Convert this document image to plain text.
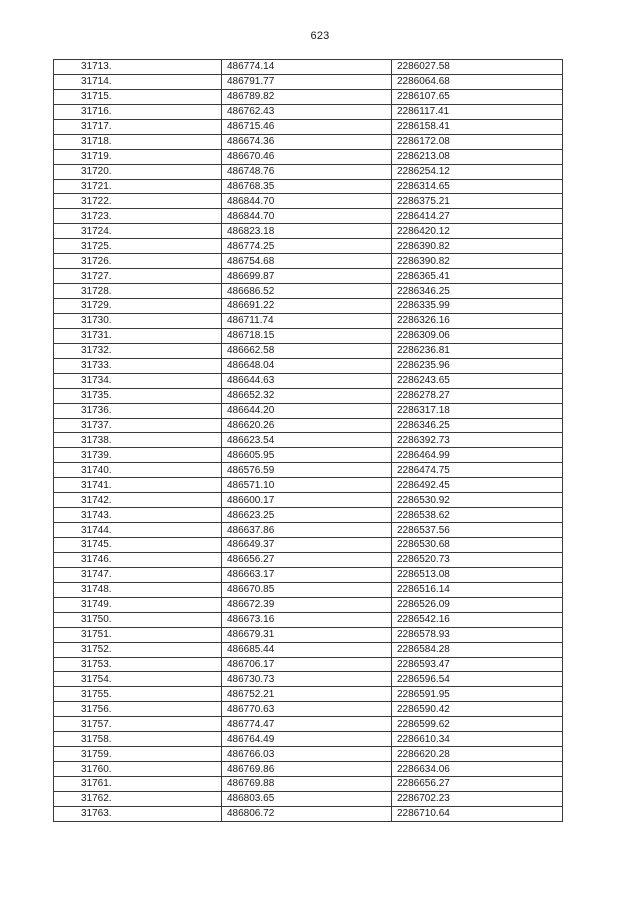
623
31713.	486774.14	2286027.58
31714.	486791.77	2286064.68
31715.	486789.82	2286107.65
31716.	486762.43	2286117.41
31717.	486715.46	2286158.41
31718.	486674.36	2286172.08
31719.	486670.46	2286213.08
31720.	486748.76	2286254.12
31721.	486768.35	2286314.65
31722.	486844.70	2286375.21
31723.	486844.70	2286414.27
31724.	486823.18	2286420.12
31725.	486774.25	2286390.82
31726.	486754.68	2286390.82
31727.	486699.87	2286365.41
31728.	486686.52	2286346.25
31729.	486691.22	2286335.99
31730.	486711.74	2286326.16
31731.	486718.15	2286309.06
31732.	486662.58	2286236.81
31733.	486648.04	2286235.96
31734.	486644.63	2286243.65
31735.	486652.32	2286278.27
31736.	486644.20	2286317.18
31737.	486620.26	2286346.25
31738.	486623.54	2286392.73
31739.	486605.95	2286464.99
31740.	486576.59	2286474.75
31741.	486571.10	2286492.45
31742.	486600.17	2286530.92
31743.	486623.25	2286538.62
31744.	486637.86	2286537.56
31745.	486649.37	2286530.68
31746.	486656.27	2286520.73
31747.	486663.17	2286513.08
31748.	486670.85	2286516.14
31749.	486672.39	2286526.09
31750.	486673.16	2286542.16
31751.	486679.31	2286578.93
31752.	486685.44	2286584.28
31753.	486706.17	2286593.47
31754.	486730.73	2286596.54
31755.	486752.21	2286591.95
31756.	486770.63	2286590.42
31757.	486774.47	2286599.62
31758.	486764.49	2286610.34
31759.	486766.03	2286620.28
31760.	486769.86	2286634.06
31761.	486769.88	2286656.27
31762.	486803.65	2286702.23
31763.	486806.72	2286710.64
